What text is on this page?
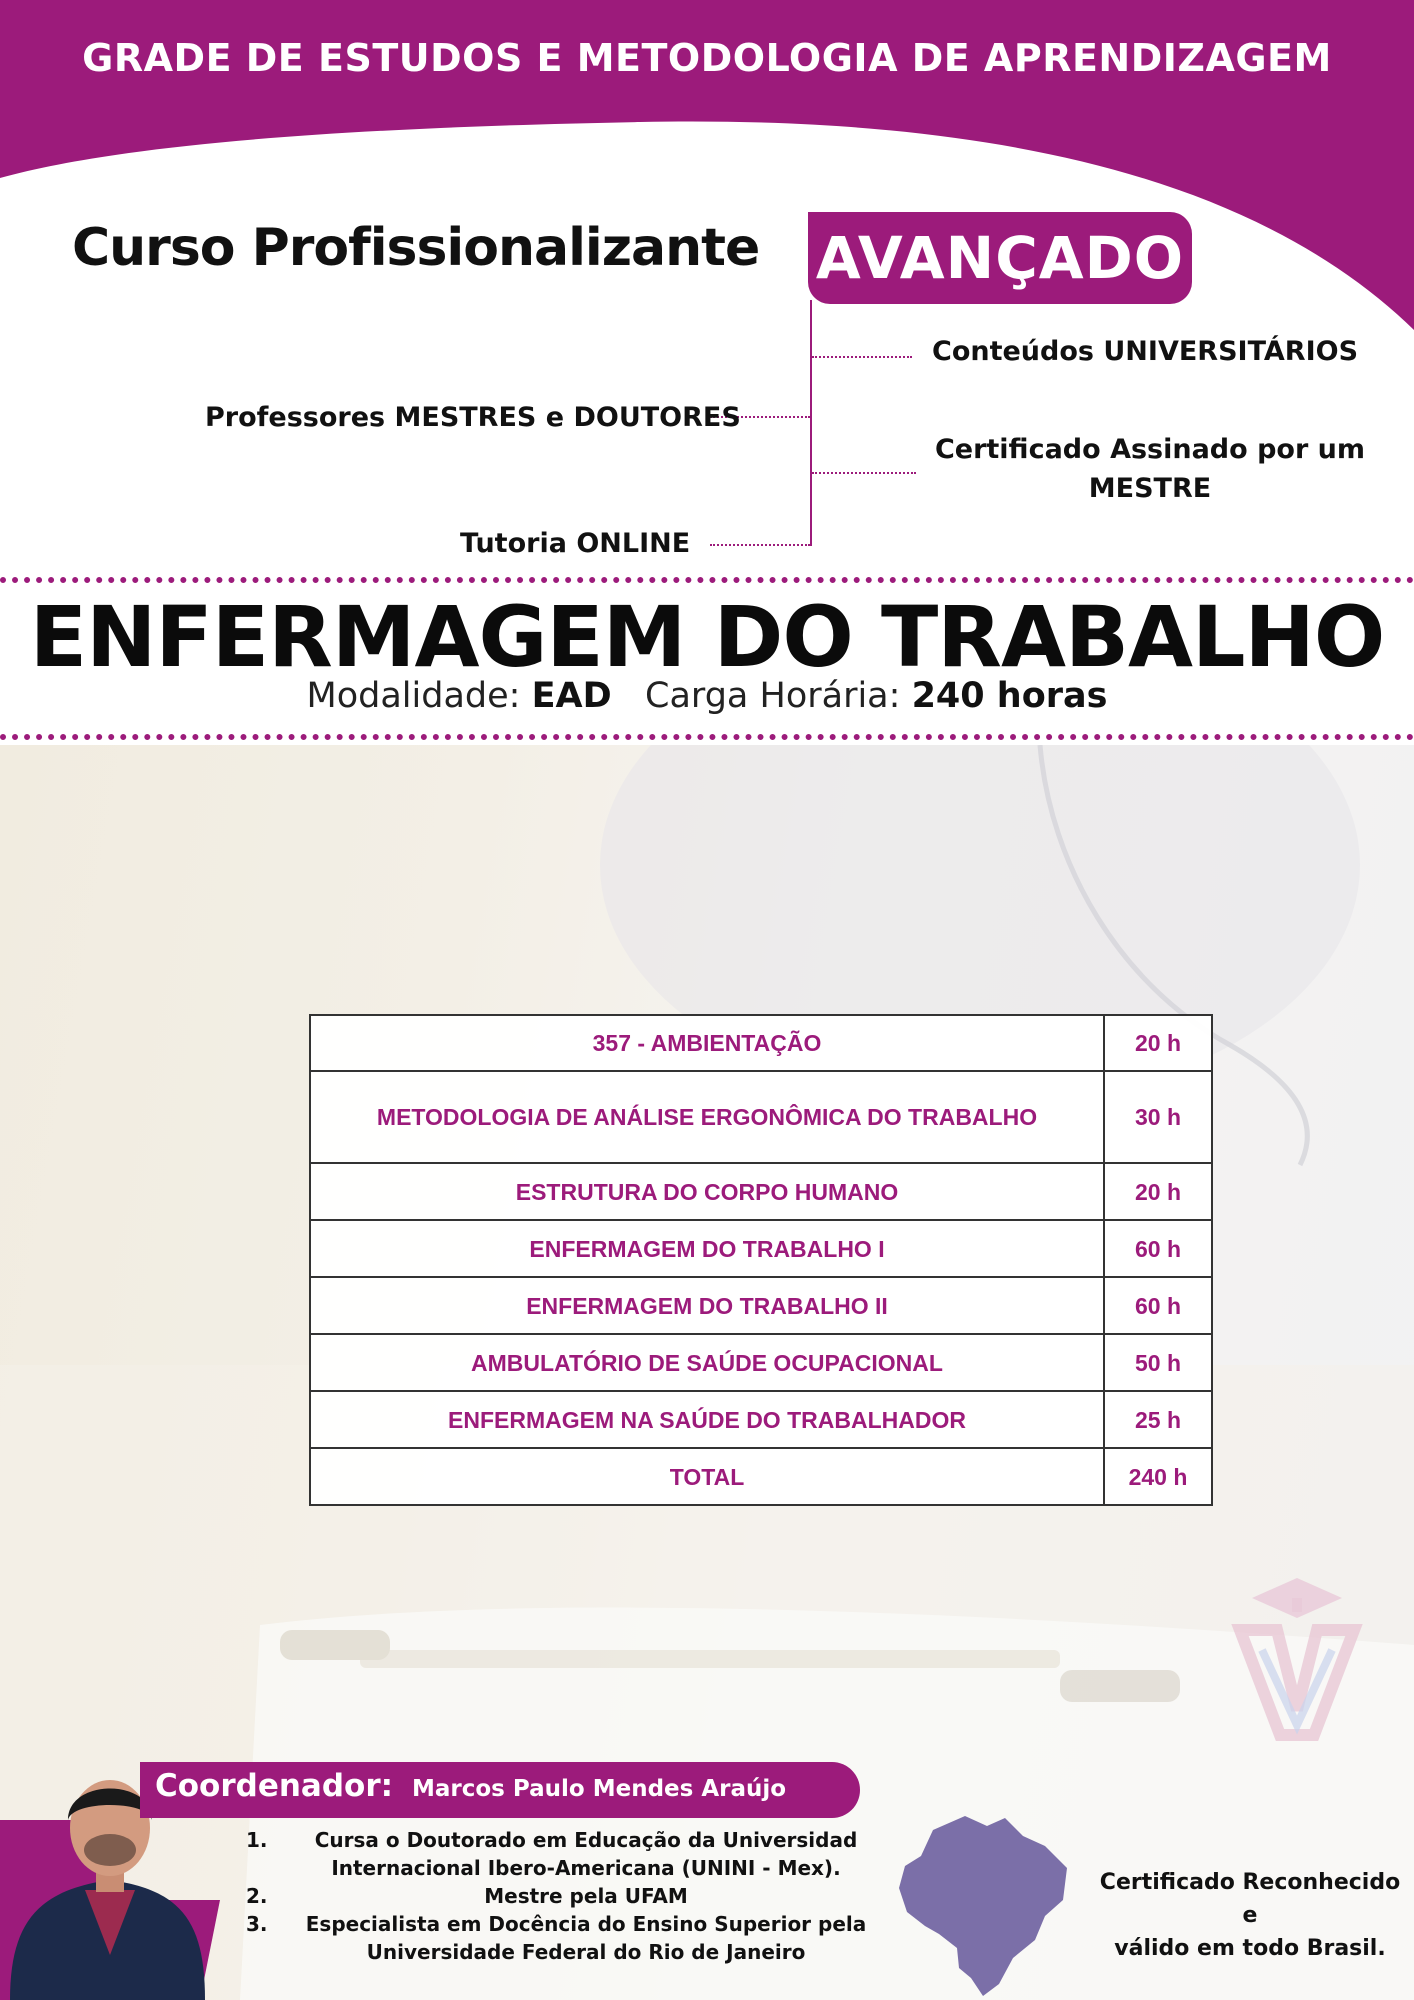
GRADE DE ESTUDOS E METODOLOGIA DE APRENDIZAGEM
Curso Profissionalizante AVANÇADO
Conteúdos UNIVERSITÁRIOS
Professores MESTRES e DOUTORES
Certificado Assinado por um
MESTRE
Tutoria ONLINE
ENFERMAGEM DO TRABALHO
Modalidade: EAD Carga Horária: 240 horas
357 - AMBIENTAÇÃO	20 h
METODOLOGIA DE ANÁLISE ERGONÔMICA DO TRABALHO	30 h
ESTRUTURA DO CORPO HUMANO	20 h
ENFERMAGEM DO TRABALHO I	60 h
ENFERMAGEM DO TRABALHO II	60 h
AMBULATÓRIO DE SAÚDE OCUPACIONAL	50 h
ENFERMAGEM NA SAÚDE DO TRABALHADOR	25 h
TOTAL	240 h
Coordenador: Marcos Paulo Mendes Araújo
1.	Cursa o Doutorado em Educação da Universidad
Internacional Ibero-Americana (UNINI - Mex).
2.	Mestre pela UFAM
3.	Especialista em Docência do Ensino Superior pela
Universidade Federal do Rio de Janeiro
Certificado Reconhecido e
válido em todo Brasil.
